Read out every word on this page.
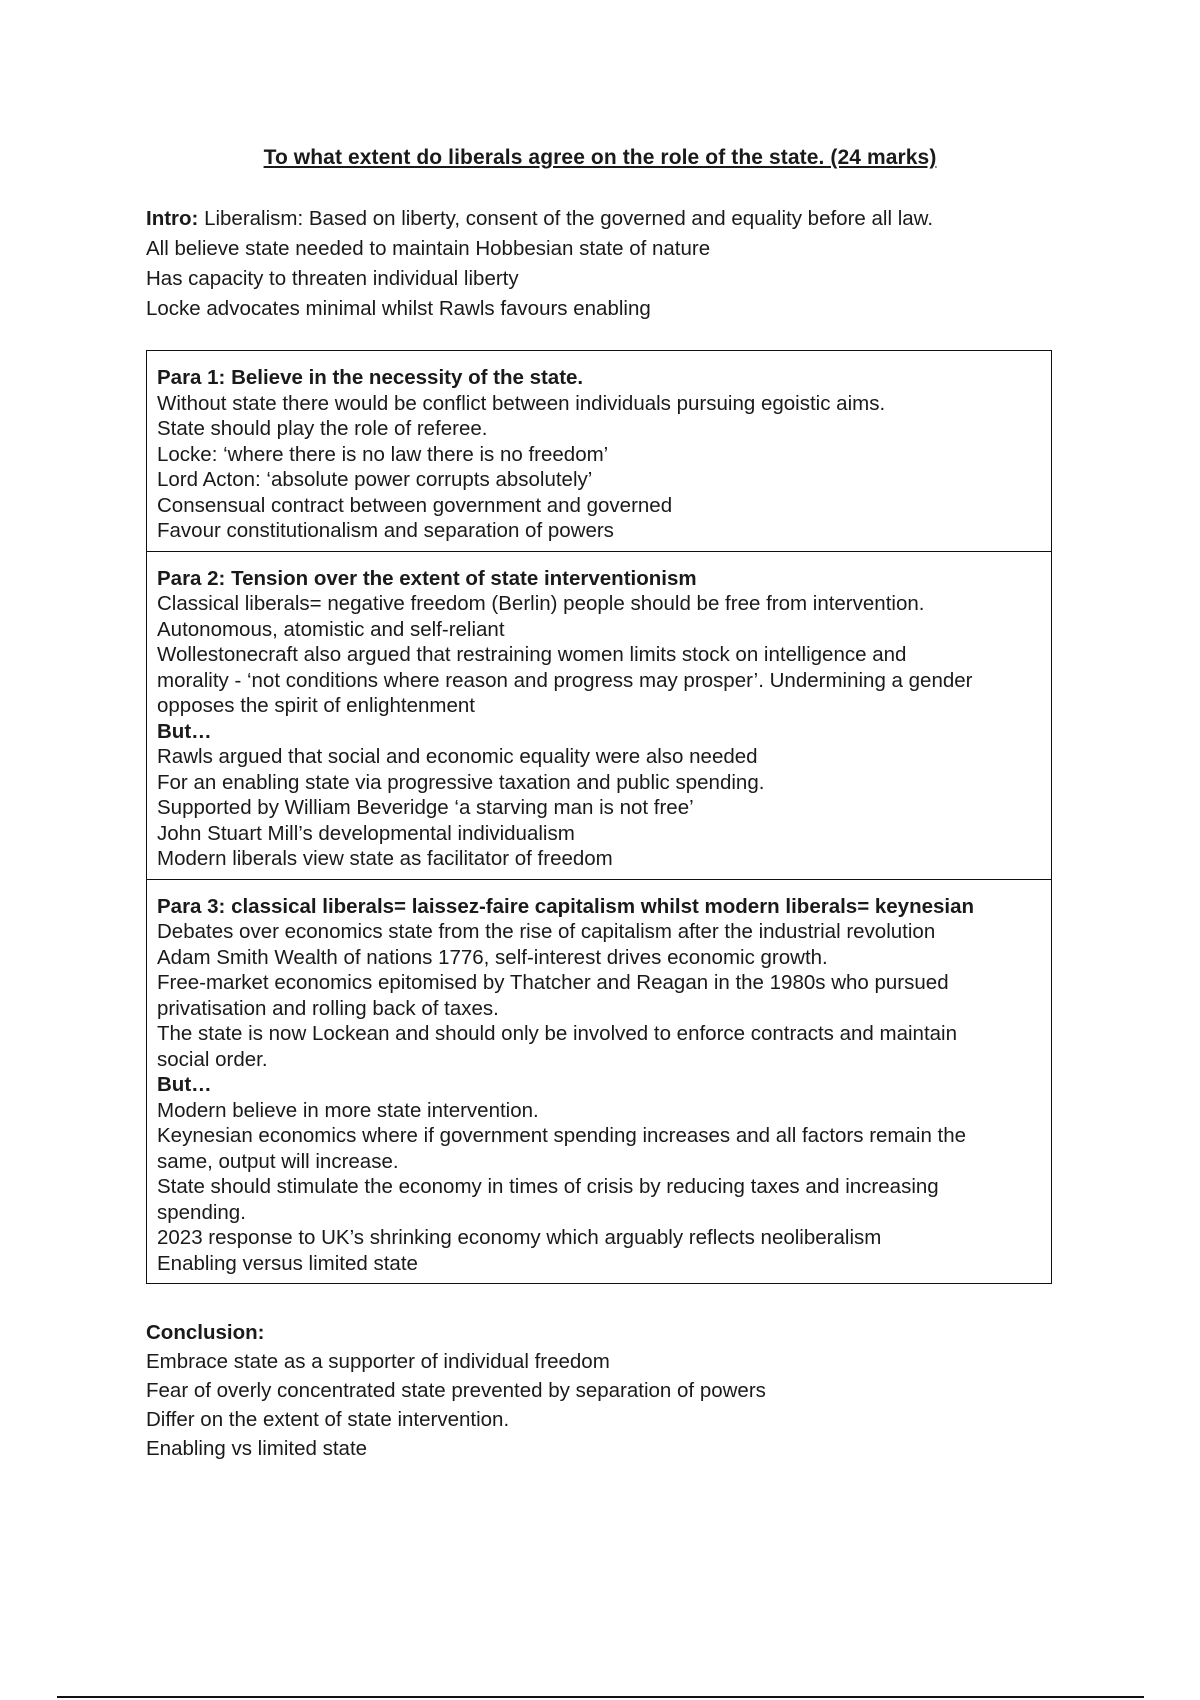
To what extent do liberals agree on the role of the state. (24 marks)
Intro: Liberalism: Based on liberty, consent of the governed and equality before all law.
All believe state needed to maintain Hobbesian state of nature
Has capacity to threaten individual liberty
Locke advocates minimal whilst Rawls favours enabling
Para 1: Believe in the necessity of the state.
Without state there would be conflict between individuals pursuing egoistic aims.
State should play the role of referee.
Locke: ‘where there is no law there is no freedom’
Lord Acton: ‘absolute power corrupts absolutely’
Consensual contract between government and governed
Favour constitutionalism and separation of powers
Para 2: Tension over the extent of state interventionism
Classical liberals= negative freedom (Berlin) people should be free from intervention.
Autonomous, atomistic and self-reliant
Wollestonecraft also argued that restraining women limits stock on intelligence and
morality - ‘not conditions where reason and progress may prosper’. Undermining a gender
opposes the spirit of enlightenment
But…
Rawls argued that social and economic equality were also needed
For an enabling state via progressive taxation and public spending.
Supported by William Beveridge ‘a starving man is not free’
John Stuart Mill’s developmental individualism
Modern liberals view state as facilitator of freedom
Para 3: classical liberals= laissez-faire capitalism whilst modern liberals= keynesian
Debates over economics state from the rise of capitalism after the industrial revolution
Adam Smith Wealth of nations 1776, self-interest drives economic growth.
Free-market economics epitomised by Thatcher and Reagan in the 1980s who pursued
privatisation and rolling back of taxes.
The state is now Lockean and should only be involved to enforce contracts and maintain
social order.
But…
Modern believe in more state intervention.
Keynesian economics where if government spending increases and all factors remain the
same, output will increase.
State should stimulate the economy in times of crisis by reducing taxes and increasing
spending.
2023 response to UK’s shrinking economy which arguably reflects neoliberalism
Enabling versus limited state
Conclusion:
Embrace state as a supporter of individual freedom
Fear of overly concentrated state prevented by separation of powers
Differ on the extent of state intervention.
Enabling vs limited state
